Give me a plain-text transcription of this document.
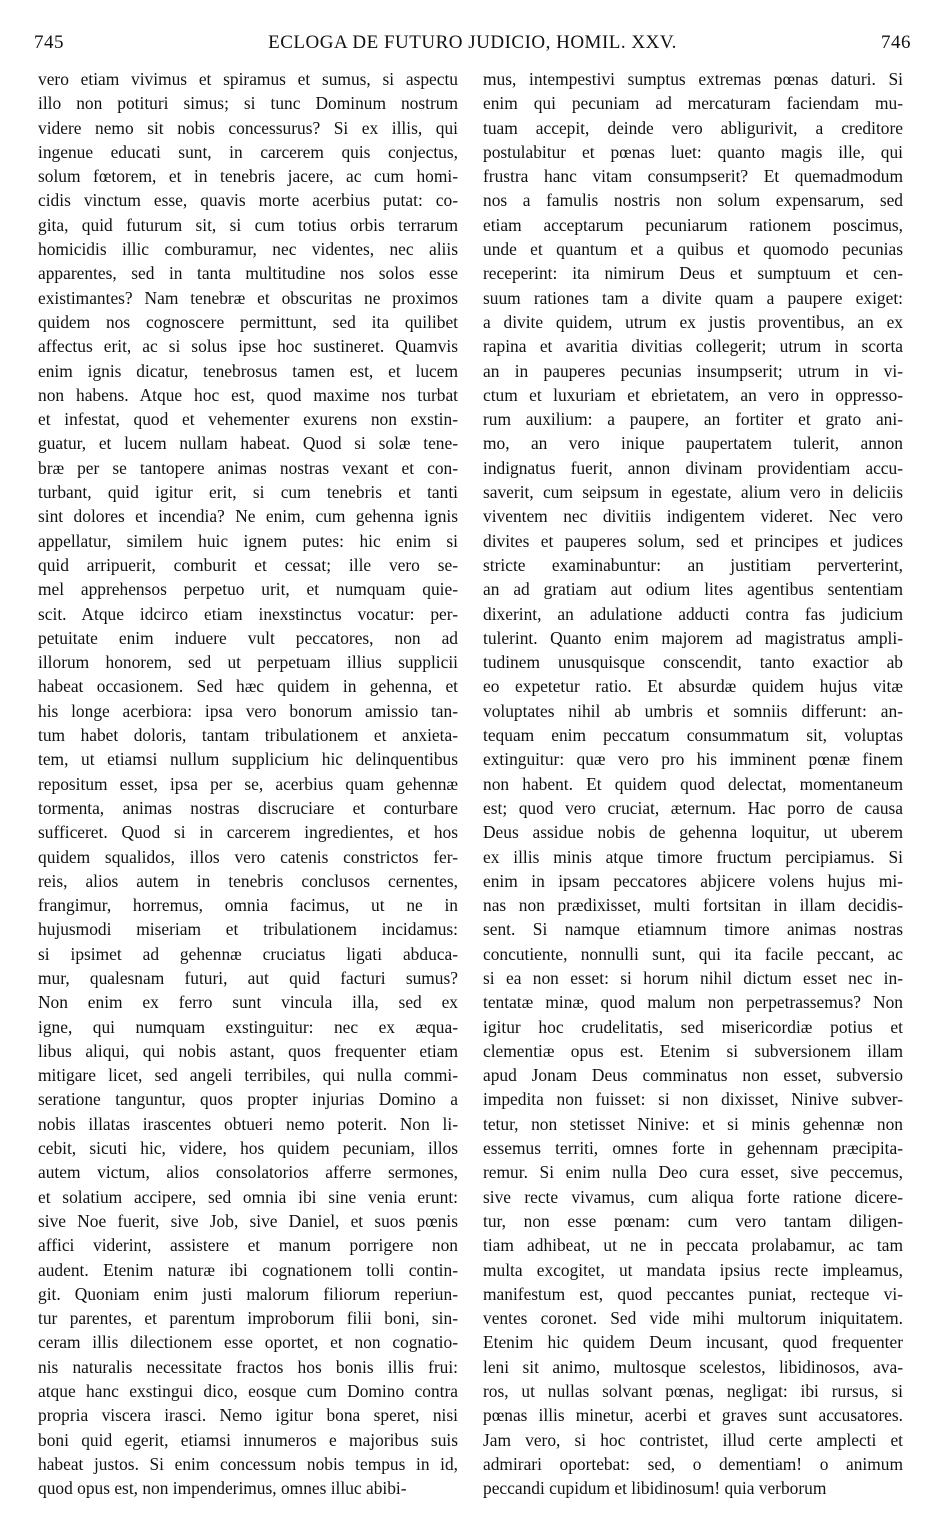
745	ECLOGA DE FUTURO JUDICIO, HOMIL. XXV.	746
vero etiam vivimus et spiramus et sumus, si aspectu
illo non potituri simus; si tunc Dominum nostrum
videre nemo sit nobis concessurus? Si ex illis, qui
ingenue educati sunt, in carcerem quis conjectus,
solum fœtorem, et in tenebris jacere, ac cum homi-
cidis vinctum esse, quavis morte acerbius putat: co-
gita, quid futurum sit, si cum totius orbis terrarum
homicidis illic comburamur, nec videntes, nec aliis
apparentes, sed in tanta multitudine nos solos esse
existimantes? Nam tenebræ et obscuritas ne proximos
quidem nos cognoscere permittunt, sed ita quilibet
affectus erit, ac si solus ipse hoc sustineret. Quamvis
enim ignis dicatur, tenebrosus tamen est, et lucem
non habens. Atque hoc est, quod maxime nos turbat
et infestat, quod et vehementer exurens non exstin-
guatur, et lucem nullam habeat. Quod si solæ tene-
bræ per se tantopere animas nostras vexant et con-
turbant, quid igitur erit, si cum tenebris et tanti
sint dolores et incendia? Ne enim, cum gehenna ignis
appellatur, similem huic ignem putes: hic enim si
quid arripuerit, comburit et cessat; ille vero se-
mel apprehensos perpetuo urit, et numquam quie-
scit. Atque idcirco etiam inexstinctus vocatur: per-
petuitate enim induere vult peccatores, non ad
illorum honorem, sed ut perpetuam illius supplicii
habeat occasionem. Sed hæc quidem in gehenna, et
his longe acerbiora: ipsa vero bonorum amissio tan-
tum habet doloris, tantam tribulationem et anxieta-
tem, ut etiamsi nullum supplicium hic delinquentibus
repositum esset, ipsa per se, acerbius quam gehennæ
tormenta, animas nostras discruciare et conturbare
sufficeret. Quod si in carcerem ingredientes, et hos
quidem squalidos, illos vero catenis constrictos fer-
reis, alios autem in tenebris conclusos cernentes,
frangimur, horremus, omnia facimus, ut ne in
hujusmodi miseriam et tribulationem incidamus:
si ipsimet ad gehennæ cruciatus ligati abduca-
mur, qualesnam futuri, aut quid facturi sumus?
Non enim ex ferro sunt vincula illa, sed ex
igne, qui numquam exstinguitur: nec ex æqua-
libus aliqui, qui nobis astant, quos frequenter etiam
mitigare licet, sed angeli terribiles, qui nulla commi-
seratione tanguntur, quos propter injurias Domino a
nobis illatas irascentes obtueri nemo poterit. Non li-
cebit, sicuti hic, videre, hos quidem pecuniam, illos
autem victum, alios consolatorios afferre sermones,
et solatium accipere, sed omnia ibi sine venia erunt:
sive Noe fuerit, sive Job, sive Daniel, et suos pœnis
affici viderint, assistere et manum porrigere non
audent. Etenim naturæ ibi cognationem tolli contin-
git. Quoniam enim justi malorum filiorum reperiun-
tur parentes, et parentum improborum filii boni, sin-
ceram illis dilectionem esse oportet, et non cognatio-
nis naturalis necessitate fractos hos bonis illis frui:
atque hanc exstingui dico, eosque cum Domino contra
propria viscera irasci. Nemo igitur bona speret, nisi
boni quid egerit, etiamsi innumeros e majoribus suis
habeat justos. Si enim concessum nobis tempus in id,
quod opus est, non impenderimus, omnes illuc abibi-
mus, intempestivi sumptus extremas pœnas daturi. Si
enim qui pecuniam ad mercaturam faciendam mu-
tuam accepit, deinde vero abligurivit, a creditore
postulabitur et pœnas luet: quanto magis ille, qui
frustra hanc vitam consumpserit? Et quemadmodum
nos a famulis nostris non solum expensarum, sed
etiam acceptarum pecuniarum rationem poscimus,
unde et quantum et a quibus et quomodo pecunias
receperint: ita nimirum Deus et sumptuum et cen-
suum rationes tam a divite quam a paupere exiget:
a divite quidem, utrum ex justis proventibus, an ex
rapina et avaritia divitias collegerit; utrum in scorta
an in pauperes pecunias insumpserit; utrum in vi-
ctum et luxuriam et ebrietatem, an vero in oppresso-
rum auxilium: a paupere, an fortiter et grato ani-
mo, an vero inique paupertatem tulerit, annon
indignatus fuerit, annon divinam providentiam accu-
saverit, cum seipsum in egestate, alium vero in deliciis
viventem nec divitiis indigentem videret. Nec vero
divites et pauperes solum, sed et principes et judices
stricte examinabuntur: an justitiam perverterint,
an ad gratiam aut odium lites agentibus sententiam
dixerint, an adulatione adducti contra fas judicium
tulerint. Quanto enim majorem ad magistratus ampli-
tudinem unusquisque conscendit, tanto exactior ab
eo expetetur ratio. Et absurdæ quidem hujus vitæ
voluptates nihil ab umbris et somniis differunt: an-
tequam enim peccatum consummatum sit, voluptas
extinguitur: quæ vero pro his imminent pœnæ finem
non habent. Et quidem quod delectat, momentaneum
est; quod vero cruciat, æternum. Hac porro de causa
Deus assidue nobis de gehenna loquitur, ut uberem
ex illis minis atque timore fructum percipiamus. Si
enim in ipsam peccatores abjicere volens hujus mi-
nas non prædixisset, multi fortsitan in illam decidis-
sent. Si namque etiamnum timore animas nostras
concutiente, nonnulli sunt, qui ita facile peccant, ac
si ea non esset: si horum nihil dictum esset nec in-
tentatæ minæ, quod malum non perpetrassemus? Non
igitur hoc crudelitatis, sed misericordiæ potius et
clementiæ opus est. Etenim si subversionem illam
apud Jonam Deus comminatus non esset, subversio
impedita non fuisset: si non dixisset, Ninive subver-
tetur, non stetisset Ninive: et si minis gehennæ non
essemus territi, omnes forte in gehennam præcipita-
remur. Si enim nulla Deo cura esset, sive peccemus,
sive recte vivamus, cum aliqua forte ratione dicere-
tur, non esse pœnam: cum vero tantam diligen-
tiam adhibeat, ut ne in peccata prolabamur, ac tam
multa excogitet, ut mandata ipsius recte impleamus,
manifestum est, quod peccantes puniat, recteque vi-
ventes coronet. Sed vide mihi multorum iniquitatem.
Etenim hic quidem Deum incusant, quod frequenter
leni sit animo, multosque scelestos, libidinosos, ava-
ros, ut nullas solvant pœnas, negligat: ibi rursus, si
pœnas illis minetur, acerbi et graves sunt accusatores.
Jam vero, si hoc contristet, illud certe amplecti et
admirari oportebat: sed, o dementiam! o animum
peccandi cupidum et libidinosum! quia verborum
